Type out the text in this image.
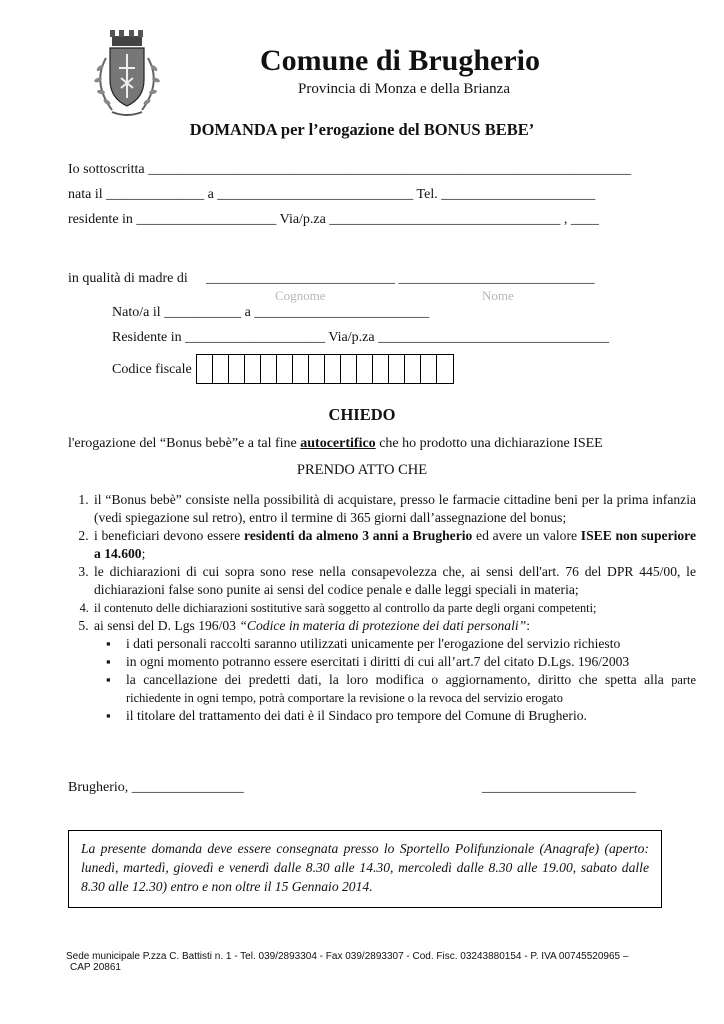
Comune di Brugherio
Provincia di Monza e della Brianza
DOMANDA per l’erogazione del BONUS BEBE’
Io sottoscritta _____________________________________________________________________
nata il ______________ a ____________________________ Tel. ______________________
residente in ____________________ Via/p.za _________________________________ , ____
in qualità di madre di ___________________________ ____________________________
Cognome	Nome
Nato/a il ___________ a _________________________
Residente in ____________________ Via/p.za _________________________________
Codice fiscale
CHIEDO
l'erogazione del “Bonus bebè”e a tal fine autocertifico che ho prodotto una dichiarazione ISEE
PRENDO ATTO CHE
1. il “Bonus bebè” consiste nella possibilità di acquistare, presso le farmacie cittadine beni per la prima infanzia (vedi spiegazione sul retro), entro il termine di 365 giorni dall’assegnazione del bonus;
2. i beneficiari devono essere residenti da almeno 3 anni a Brugherio ed avere un valore ISEE non superiore a 14.600;
3. le dichiarazioni di cui sopra sono rese nella consapevolezza che, ai sensi dell'art. 76 del DPR 445/00, le dichiarazioni false sono punite ai sensi del codice penale e dalle leggi speciali in materia;
4. il contenuto delle dichiarazioni sostitutive sarà soggetto al controllo da parte degli organi competenti;
5. ai sensi del D. Lgs 196/03 “Codice in materia di protezione dei dati personali”:
▪ i dati personali raccolti saranno utilizzati unicamente per l'erogazione del servizio richiesto
▪ in ogni momento potranno essere esercitati i diritti di cui all’art.7 del citato D.Lgs. 196/2003
▪ la cancellazione dei predetti dati, la loro modifica o aggiornamento, diritto che spetta alla parte richiedente in ogni tempo, potrà comportare la revisione o la revoca del servizio erogato
▪ il titolare del trattamento dei dati è il Sindaco pro tempore del Comune di Brugherio.
Brugherio, ________________	______________________
La presente domanda deve essere consegnata presso lo Sportello Polifunzionale (Anagrafe) (aperto: lunedì, martedì, giovedì e venerdì dalle 8.30 alle 14.30, mercoledì dalle 8.30 alle 19.00, sabato dalle 8.30 alle 12.30) entro e non oltre il 15 Gennaio 2014.
Sede municipale P.zza C. Battisti n. 1 - Tel. 039/2893304 - Fax 039/2893307 - Cod. Fisc. 03243880154 - P. IVA 00745520965 –
CAP 20861
